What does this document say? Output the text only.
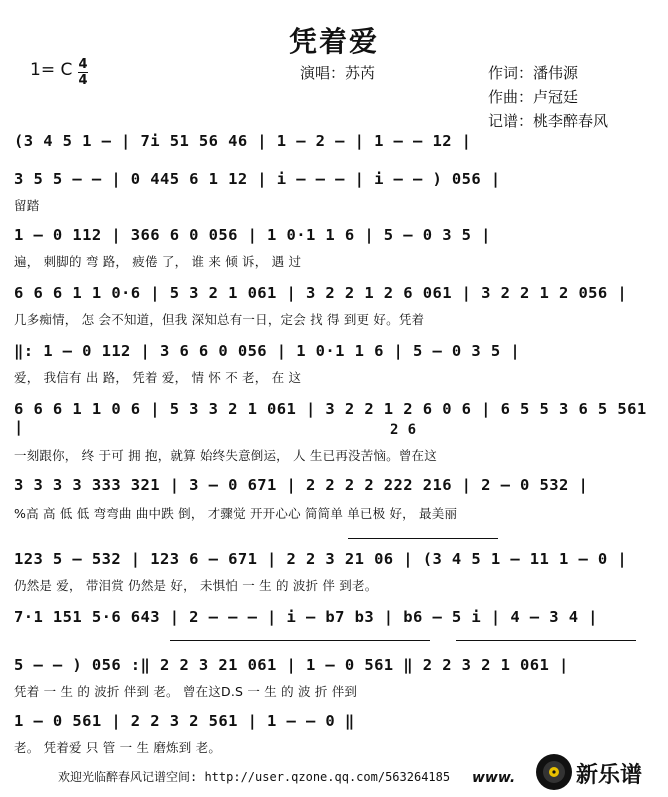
凭着爱
1= C 4
4	演唱：苏芮	作词：潘伟源
作曲：卢冠廷
记谱：桃李醉春风
(3 4 5 1 – | 7i 51 56 46 | 1 – 2 – | 1 – – 12 |
3 5 5 – – | 0 445 6 1 12 | i – – – | i – – ) 056 |
留踏
1 – 0 112 | 366 6 0 056 | 1 0·1 1 6 | 5 – 0 3 5 |
遍， 刺脚的 弯 路， 疲倦 了， 谁 来 倾 诉， 遇 过
6 6 6 1 1 0·6 | 5 3 2 1 061 | 3 2 2 1 2 6 061 | 3 2 2 1 2 056 |
几多痴情， 怎 会不知道，但我 深知总有一日，定会 找 得 到更 好。凭着
‖: 1 – 0 112 | 3 6 6 0 056 | 1 0·1 1 6 | 5 – 0 3 5 |
爱， 我信有 出 路， 凭着 爱， 情 怀 不 老， 在 这
6 6 6 1 1 0 6 | 5 3 3 2 1 061 | 3 2 2 1 2 6 0 6 | 6 5 5 3 6 5 561 |	2 6
一刻跟你， 终 于可 拥 抱，就算 始终失意倒运， 人 生已再没苦恼。曾在这
3 3 3 3 333 321 | 3 – 0 671 | 2 2 2 2 222 216 | 2 – 0 532 |
%高 高 低 低 弯弯曲 曲中跌 倒， 才骤觉 开开心心 简简单 单已极 好， 最美丽
123 5 – 532 | 123 6 – 671 | 2 2 3 21 06 | (3 4 5 1 – 11 1 – 0 |
仍然是 爱， 带泪赏 仍然是 好， 未惧怕 一 生 的 波折 伴 到老。
7·1 151 5·6 643 | 2 – – – | i – b7 b3 | b6 – 5 i | 4 – 3 4 |
5 – – ) 056 :‖ 2 2 3 21 061 | 1 – 0 561 ‖ 2 2 3 2 1 061 |
凭着 一 生 的 波折 伴到 老。 曾在这D.S 一 生 的 波 折 伴到
1 – 0 561 | 2 2 3 2 561 | 1 – – 0 ‖
老。 凭着爱 只 管 一 生 磨炼到 老。
欢迎光临醉春风记谱空间: http://user.qzone.qq.com/563264185 www.	新乐谱
